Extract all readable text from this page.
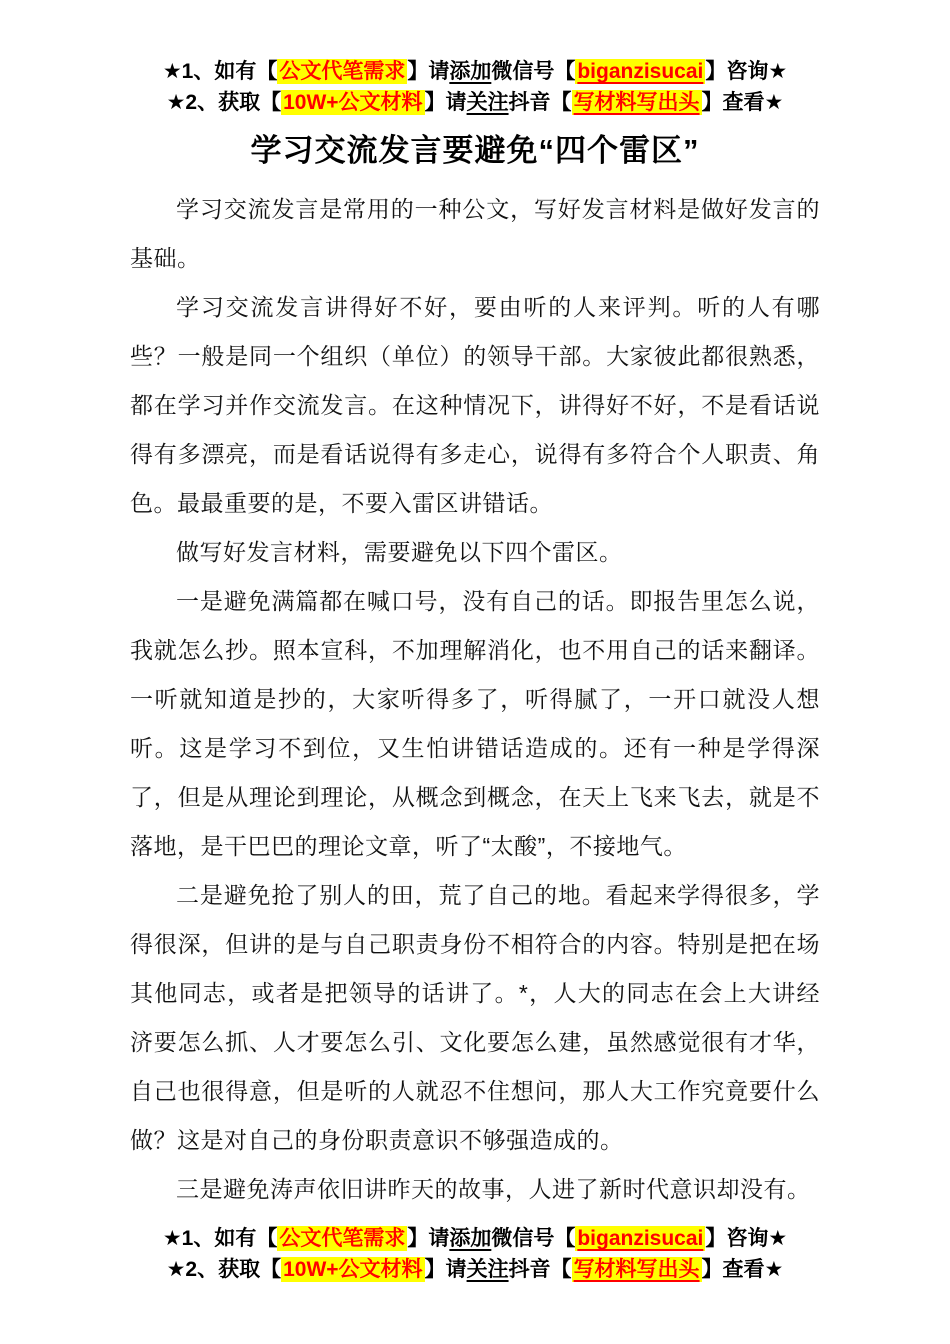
★1、如有【公文代笔需求】请添加微信号【biganzisucai】咨询★
★2、获取【10W+公文材料】请关注抖音【写材料写出头】查看★
学习交流发言要避免“四个雷区”

学习交流发言是常用的一种公文，写好发言材料是做好发言的基础。

学习交流发言讲得好不好，要由听的人来评判。听的人有哪些？一般是同一个组织（单位）的领导干部。大家彼此都很熟悉，都在学习并作交流发言。在这种情况下，讲得好不好，不是看话说得有多漂亮，而是看话说得有多走心，说得有多符合个人职责、角色。最最重要的是，不要入雷区讲错话。

做写好发言材料，需要避免以下四个雷区。

一是避免满篇都在喊口号，没有自己的话。即报告里怎么说，我就怎么抄。照本宣科，不加理解消化，也不用自己的话来翻译。一听就知道是抄的，大家听得多了，听得腻了，一开口就没人想听。这是学习不到位，又生怕讲错话造成的。还有一种是学得深了，但是从理论到理论，从概念到概念，在天上飞来飞去，就是不落地，是干巴巴的理论文章，听了“太酸”，不接地气。

二是避免抢了别人的田，荒了自己的地。看起来学得很多，学得很深，但讲的是与自己职责身份不相符合的内容。特别是把在场其他同志，或者是把领导的话讲了。*，人大的同志在会上大讲经济要怎么抓、人才要怎么引、文化要怎么建，虽然感觉很有才华，自己也很得意，但是听的人就忍不住想问，那人大工作究竟要什么做？这是对自己的身份职责意识不够强造成的。

三是避免涛声依旧讲昨天的故事，人进了新时代意识却没有。

★1、如有【公文代笔需求】请添加微信号【biganzisucai】咨询★
★2、获取【10W+公文材料】请关注抖音【写材料写出头】查看★
